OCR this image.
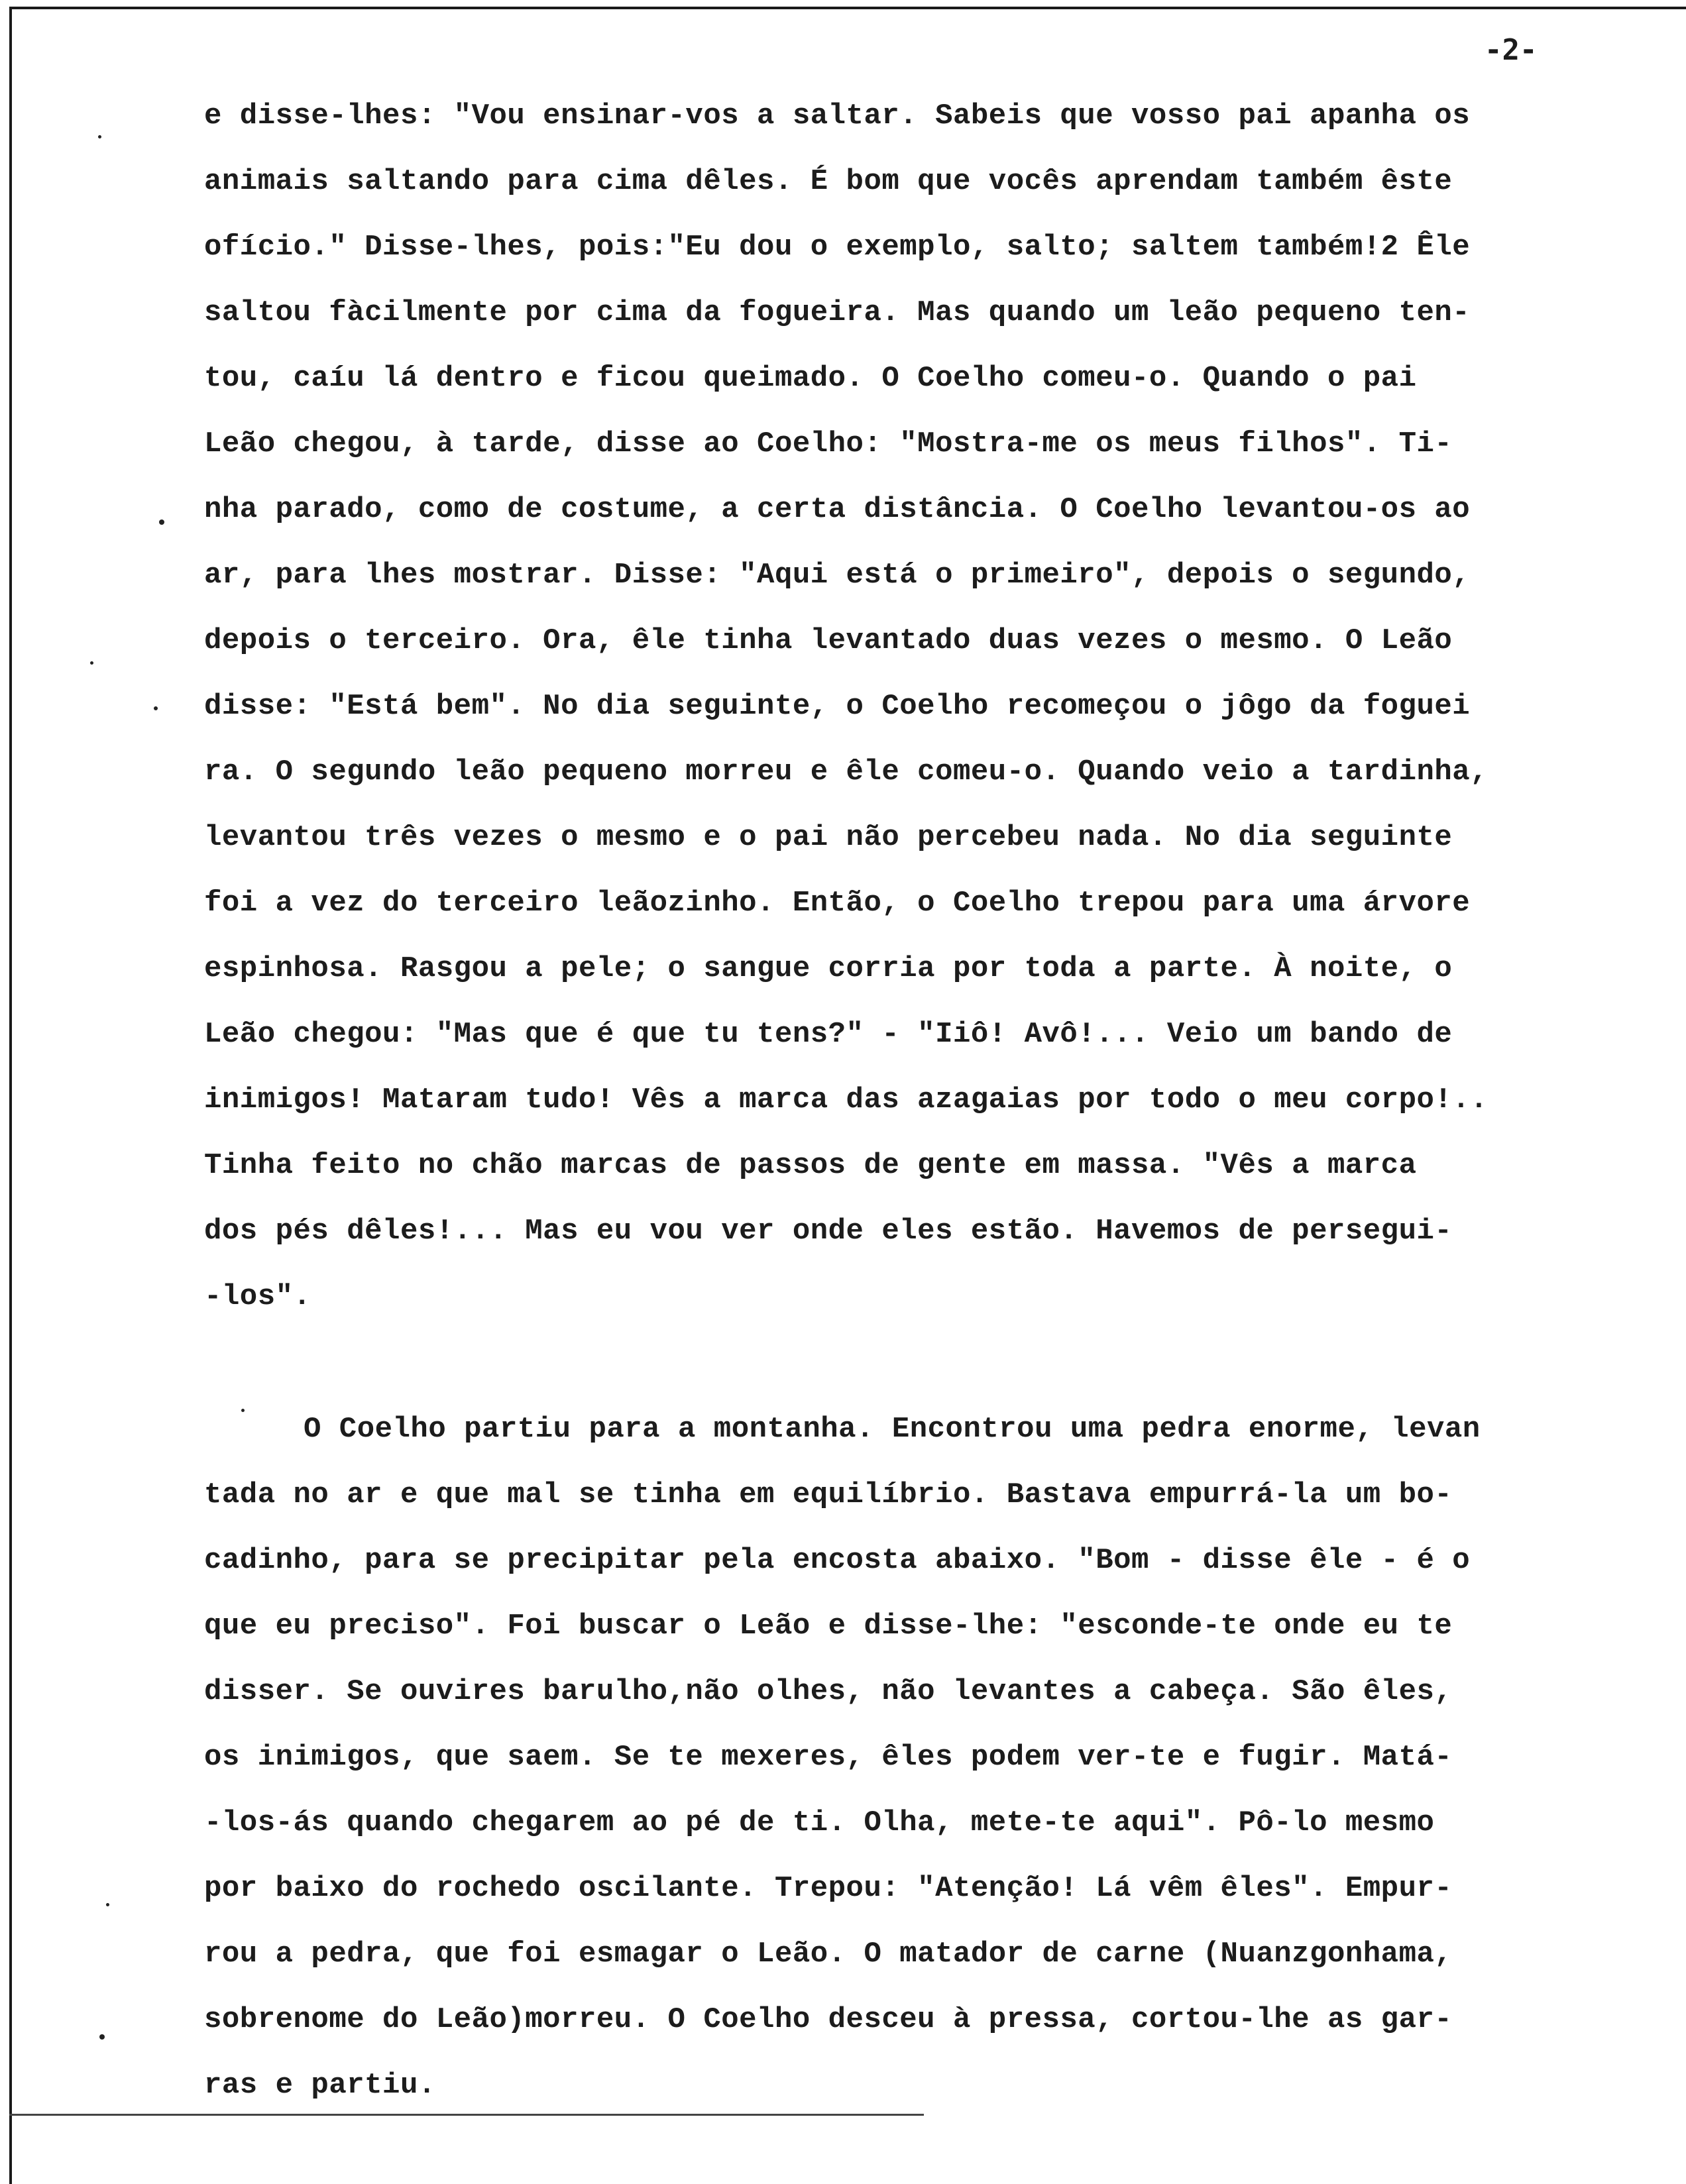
-2-
e disse-lhes: "Vou ensinar-vos a saltar. Sabeis que vosso pai apanha os
animais saltando para cima dêles. É bom que vocês aprendam também êste
ofício." Disse-lhes, pois:"Eu dou o exemplo, salto; saltem também!2 Êle
saltou fàcilmente por cima da fogueira. Mas quando um leão pequeno ten-
tou, caíu lá dentro e ficou queimado. O Coelho comeu-o. Quando o pai
Leão chegou, à tarde, disse ao Coelho: "Mostra-me os meus filhos". Ti-
nha parado, como de costume, a certa distância. O Coelho levantou-os ao
ar, para lhes mostrar. Disse: "Aqui está o primeiro", depois o segundo,
depois o terceiro. Ora, êle tinha levantado duas vezes o mesmo. O Leão
disse: "Está bem". No dia seguinte, o Coelho recomeçou o jôgo da foguei
ra. O segundo leão pequeno morreu e êle comeu-o. Quando veio a tardinha,
levantou três vezes o mesmo e o pai não percebeu nada. No dia seguinte
foi a vez do terceiro leãozinho. Então, o Coelho trepou para uma árvore
espinhosa. Rasgou a pele; o sangue corria por toda a parte. À noite, o
Leão chegou: "Mas que é que tu tens?" - "Iiô! Avô!... Veio um bando de
inimigos! Mataram tudo! Vês a marca das azagaias por todo o meu corpo!..
Tinha feito no chão marcas de passos de gente em massa. "Vês a marca
dos pés dêles!... Mas eu vou ver onde eles estão. Havemos de persegui-
-los".
O Coelho partiu para a montanha. Encontrou uma pedra enorme, levan
tada no ar e que mal se tinha em equilíbrio. Bastava empurrá-la um bo-
cadinho, para se precipitar pela encosta abaixo. "Bom - disse êle - é o
que eu preciso". Foi buscar o Leão e disse-lhe: "esconde-te onde eu te
disser. Se ouvires barulho,não olhes, não levantes a cabeça. São êles,
os inimigos, que saem. Se te mexeres, êles podem ver-te e fugir. Matá-
-los-ás quando chegarem ao pé de ti. Olha, mete-te aqui". Pô-lo mesmo
por baixo do rochedo oscilante. Trepou: "Atenção! Lá vêm êles". Empur-
rou a pedra, que foi esmagar o Leão. O matador de carne (Nuanzgonhama,
sobrenome do Leão)morreu. O Coelho desceu à pressa, cortou-lhe as gar-
ras e partiu.
